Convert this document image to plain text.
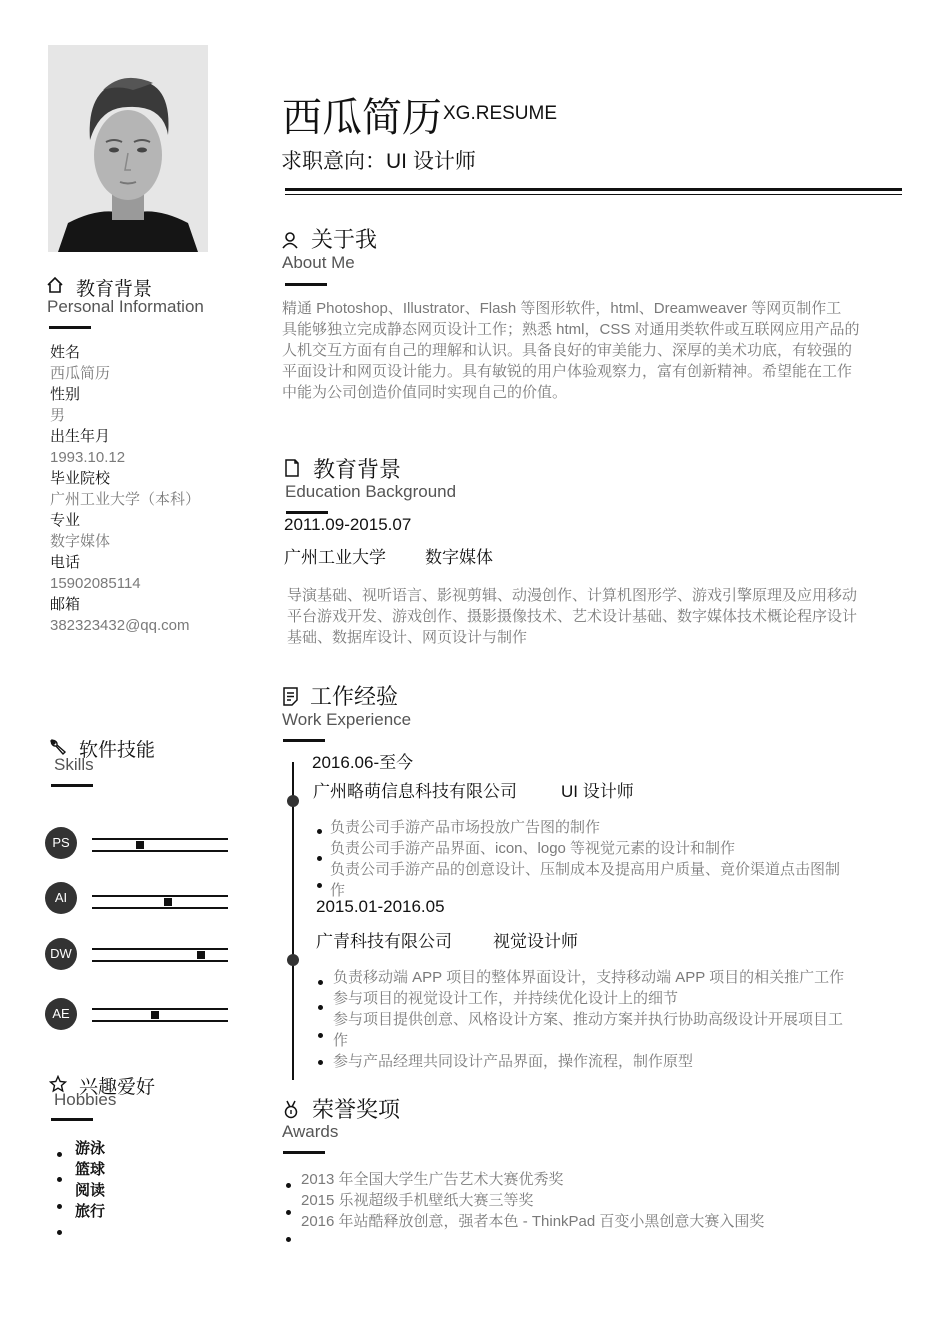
教育背景
Personal Information
姓名
西瓜简历
性别
男
出生年月
1993.10.12
毕业院校
广州工业大学（本科）
专业
数字媒体
电话
15902085114
邮箱
382323432@qq.com
软件技能
Skills
PS
AI
DW
AE
兴趣爱好
Hobbies
游泳
篮球
阅读
旅行
西瓜简历 XG.RESUME
求职意向：UI 设计师
关于我
About Me
精通 Photoshop、Illustrator、Flash 等图形软件，html、Dreamweaver 等网页制作工
具能够独立完成静态网页设计工作；熟悉 html，CSS 对通用类软件或互联网应用产品的
人机交互方面有自己的理解和认识。具备良好的审美能力、深厚的美术功底，有较强的
平面设计和网页设计能力。具有敏锐的用户体验观察力，富有创新精神。希望能在工作
中能为公司创造价值同时实现自己的价值。
教育背景
Education Background
2011.09-2015.07
广州工业大学 数字媒体
导演基础、视听语言、影视剪辑、动漫创作、计算机图形学、游戏引擎原理及应用移动
平台游戏开发、游戏创作、摄影摄像技术、艺术设计基础、数字媒体技术概论程序设计
基础、数据库设计、网页设计与制作
工作经验
Work Experience
2016.06-至今
广州略萌信息科技有限公司	UI 设计师
负责公司手游产品市场投放广告图的制作
负责公司手游产品界面、icon、logo 等视觉元素的设计和制作
负责公司手游产品的创意设计、压制成本及提高用户质量、竟价渠道点击图制
作
2015.01-2016.05
广青科技有限公司 视觉设计师
负责移动端 APP 项目的整体界面设计，支持移动端 APP 项目的相关推广工作
参与项目的视觉设计工作，并持续优化设计上的细节
参与项目提供创意、风格设计方案、推动方案并执行协助高级设计开展项目工
作
参与产品经理共同设计产品界面，操作流程，制作原型
荣誉奖项
Awards
2013 年全国大学生广告艺术大赛优秀奖
2015 乐视超级手机壁纸大赛三等奖
2016 年站酷释放创意，强者本色 - ThinkPad 百变小黑创意大赛入围奖
